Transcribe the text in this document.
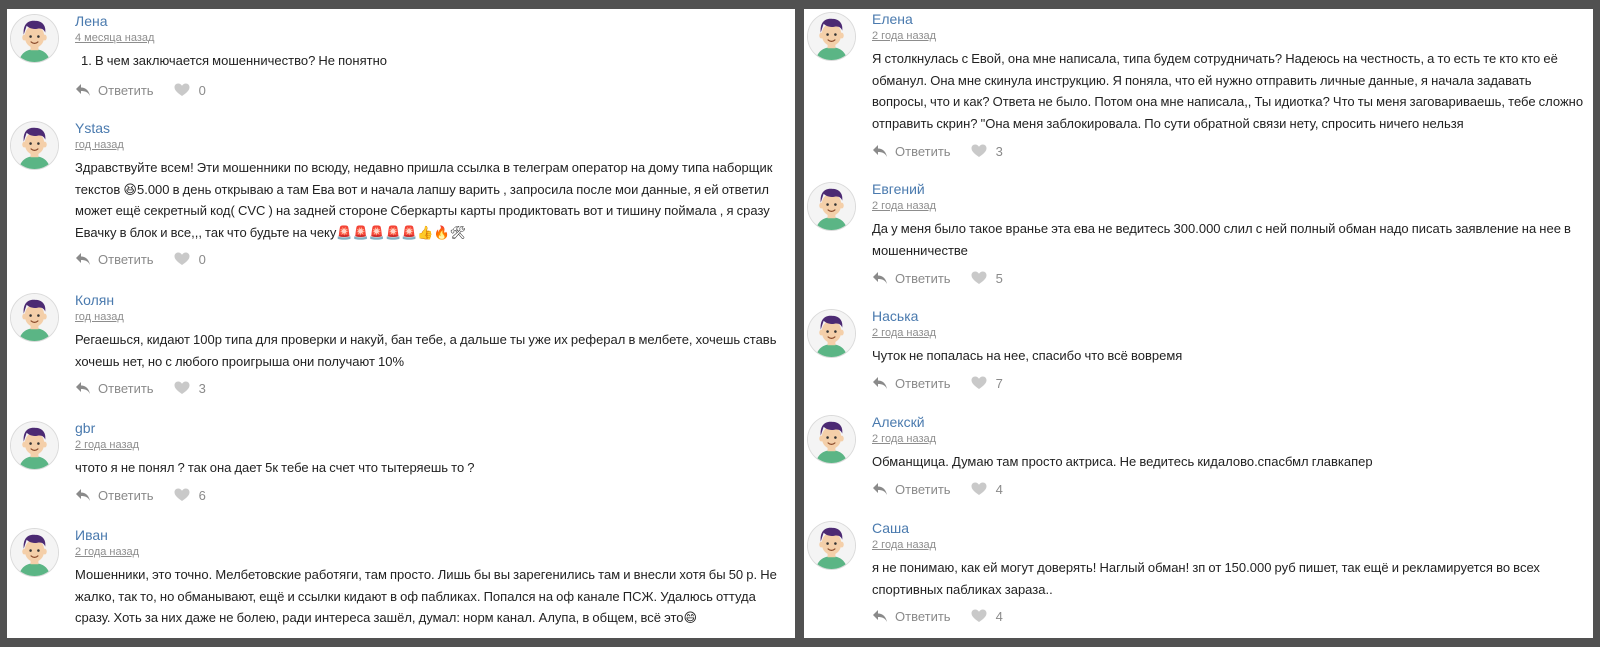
Лена
4 месяца назад
1. В чем заключается мошенничество? Не понятно
Ответить	0
Ystas
год назад
Здравствуйте всем! Эти мошенники по всюду, недавно пришла ссылка в телеграм оператор на дому типа наборщик текстов 😆5.000 в день открываю а там Ева вот и начала лапшу варить , запросила после мои данные, я ей ответил может ещё секретный код( CVC ) на задней стороне Сберкарты карты продиктовать вот и тишину поймала , я сразу Евачку в блок и все,,, так что будьте на чеку🚨🚨🚨🚨🚨👍🔥🛠
Ответить	0
Колян
год назад
Регаешься, кидают 100р типа для проверки и накуй, бан тебе, а дальше ты уже их реферал в мелбете, хочешь ставь хочешь нет, но с любого проигрыша они получают 10%
Ответить	3
gbr
2 года назад
чтото я не понял ? так она дает 5к тебе на счет что тытеряешь то ?
Ответить	6
Иван
2 года назад
Мошенники, это точно. Мелбетовские работяги, там просто. Лишь бы вы зарегенились там и внесли хотя бы 50 р. Не жалко, так то, но обманывают, ещё и ссылки кидают в оф пабликах. Попался на оф канале ПСЖ. Удалюсь оттуда сразу. Хоть за них даже не болею, ради интереса зашёл, думал: норм канал. Алупа, в общем, всё это😄
Елена
2 года назад
Я столкнулась с Евой, она мне написала, типа будем сотрудничать? Надеюсь на честность, а то есть те кто кто её обманул. Она мне скинула инструкцию. Я поняла, что ей нужно отправить личные данные, я начала задавать вопросы, что и как? Ответа не было. Потом она мне написала,, Ты идиотка? Что ты меня заговариваешь, тебе сложно отправить скрин? "Она меня заблокировала. По сути обратной связи нету, спросить ничего нельзя
Ответить	3
Евгений
2 года назад
Да у меня было такое вранье эта ева не ведитесь 300.000 слил с ней полный обман надо писать заявление на нее в мошенничестве
Ответить	5
Наська
2 года назад
Чуток не попалась на нее, спасибо что всё вовремя
Ответить	7
Алекскй
2 года назад
Обманщица. Думаю там просто актриса. Не ведитесь кидалово.спасбмл главкапер
Ответить	4
Саша
2 года назад
я не понимаю, как ей могут доверять! Наглый обман! зп от 150.000 руб пишет, так ещё и рекламируется во всех спортивных пабликах зараза..
Ответить	4
